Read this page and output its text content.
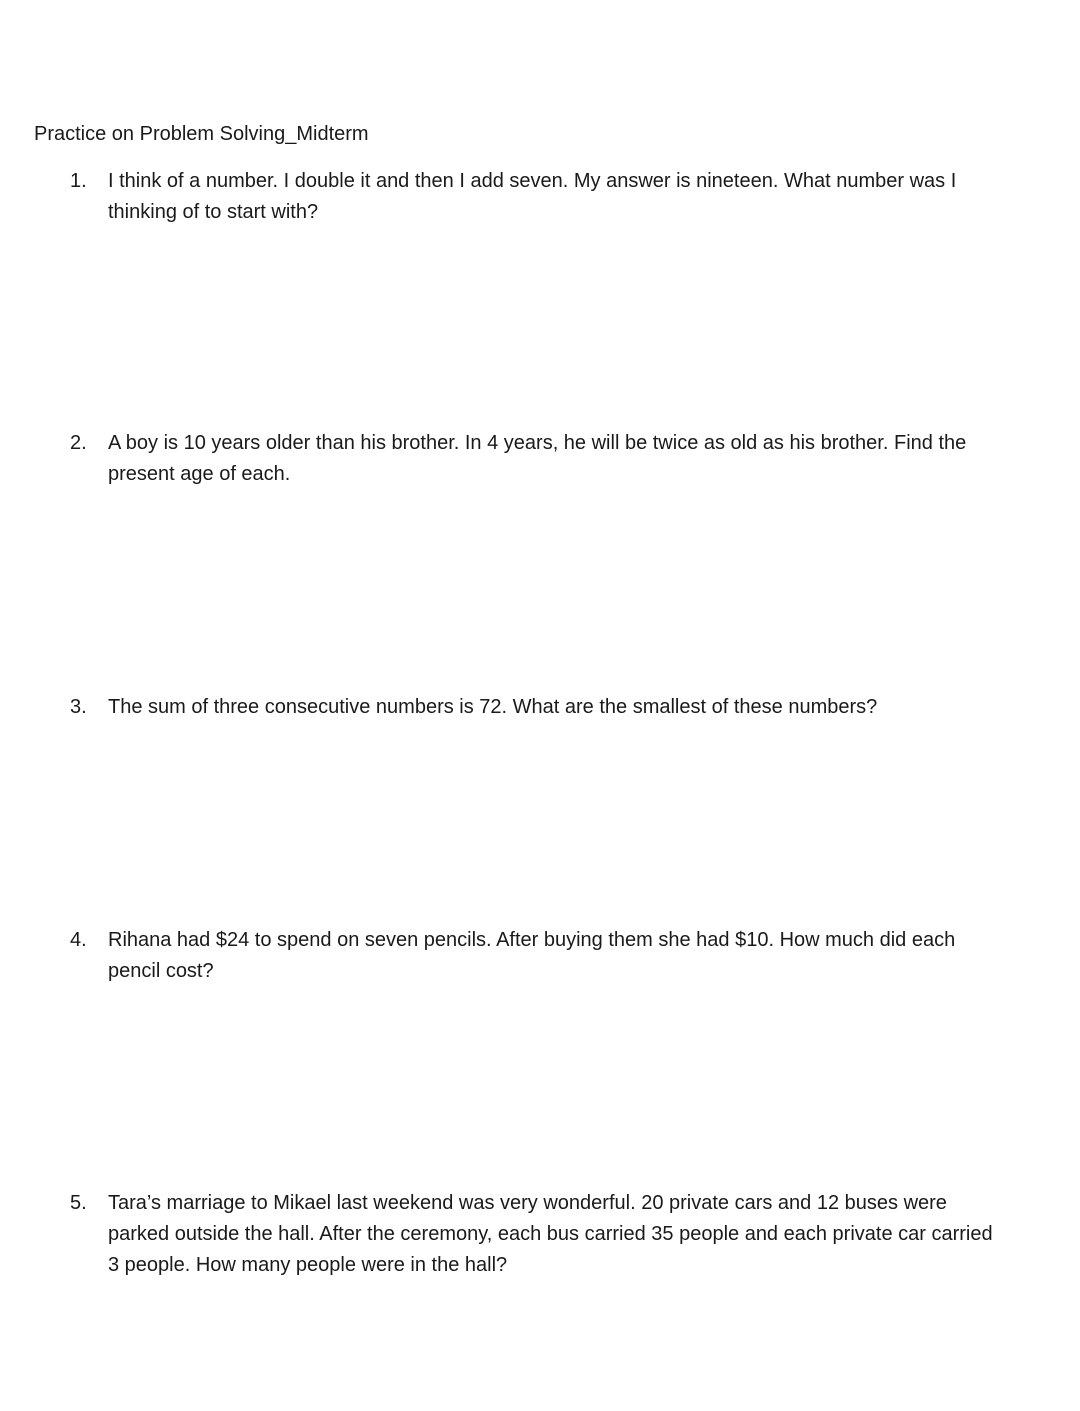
Practice on Problem Solving_Midterm
1. I think of a number. I double it and then I add seven. My answer is nineteen. What number was I thinking of to start with?

2. A boy is 10 years older than his brother. In 4 years, he will be twice as old as his brother. Find the present age of each.

3. The sum of three consecutive numbers is 72. What are the smallest of these numbers?

4. Rihana had $24 to spend on seven pencils. After buying them she had $10. How much did each pencil cost?

5. Tara’s marriage to Mikael last weekend was very wonderful. 20 private cars and 12 buses were parked outside the hall. After the ceremony, each bus carried 35 people and each private car carried 3 people. How many people were in the hall?
